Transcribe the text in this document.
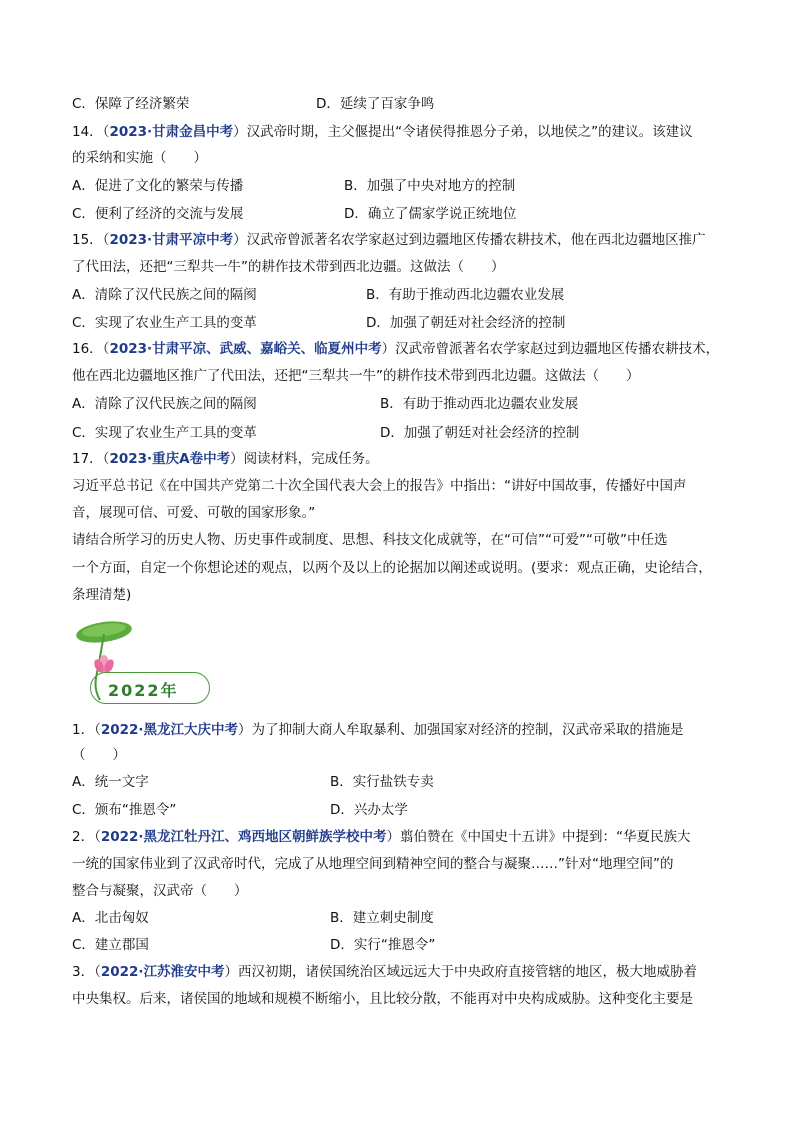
C．保障了经济繁荣	D．延续了百家争鸣
14．（2023·甘肃金昌中考）汉武帝时期，主父偃提出“令诸侯得推恩分子弟，以地侯之”的建议。该建议
的采纳和实施（　　）
A．促进了文化的繁荣与传播	B．加强了中央对地方的控制
C．便利了经济的交流与发展	D．确立了儒家学说正统地位
15．（2023·甘肃平凉中考）汉武帝曾派著名农学家赵过到边疆地区传播农耕技术，他在西北边疆地区推广
了代田法，还把“三犁共一牛”的耕作技术带到西北边疆。这做法（　　）
A．清除了汉代民族之间的隔阂	B．有助于推动西北边疆农业发展
C．实现了农业生产工具的变革	D．加强了朝廷对社会经济的控制
16．（2023·甘肃平凉、武威、嘉峪关、临夏州中考）汉武帝曾派著名农学家赵过到边疆地区传播农耕技术，
他在西北边疆地区推广了代田法，还把“三犁共一牛”的耕作技术带到西北边疆。这做法（　　）
A．清除了汉代民族之间的隔阂	B．有助于推动西北边疆农业发展
C．实现了农业生产工具的变革	D．加强了朝廷对社会经济的控制
17．（2023·重庆A卷中考）阅读材料，完成任务。
习近平总书记《在中国共产党第二十次全国代表大会上的报告》中指出：“讲好中国故事，传播好中国声
音，展现可信、可爱、可敬的国家形象。”
请结合所学习的历史人物、历史事件或制度、思想、科技文化成就等，在“可信”“可爱”“可敬”中任选
一个方面，自定一个你想论述的观点，以两个及以上的论据加以阐述或说明。(要求：观点正确，史论结合，
条理清楚)
2022年
1．（2022·黑龙江大庆中考）为了抑制大商人牟取暴利、加强国家对经济的控制，汉武帝采取的措施是
（　　）
A．统一文字	B．实行盐铁专卖
C．颁布“推恩令”	D．兴办太学
2．（2022·黑龙江牡丹江、鸡西地区朝鲜族学校中考）翦伯赞在《中国史十五讲》中提到：“华夏民族大
一统的国家伟业到了汉武帝时代，完成了从地理空间到精神空间的整合与凝聚……”针对“地理空间”的
整合与凝聚，汉武帝（　　）
A．北击匈奴	B．建立刺史制度
C．建立郡国	D．实行“推恩令”
3．（2022·江苏淮安中考）西汉初期，诸侯国统治区域远远大于中央政府直接管辖的地区，极大地威胁着
中央集权。后来，诸侯国的地域和规模不断缩小，且比较分散，不能再对中央构成威胁。这种变化主要是
